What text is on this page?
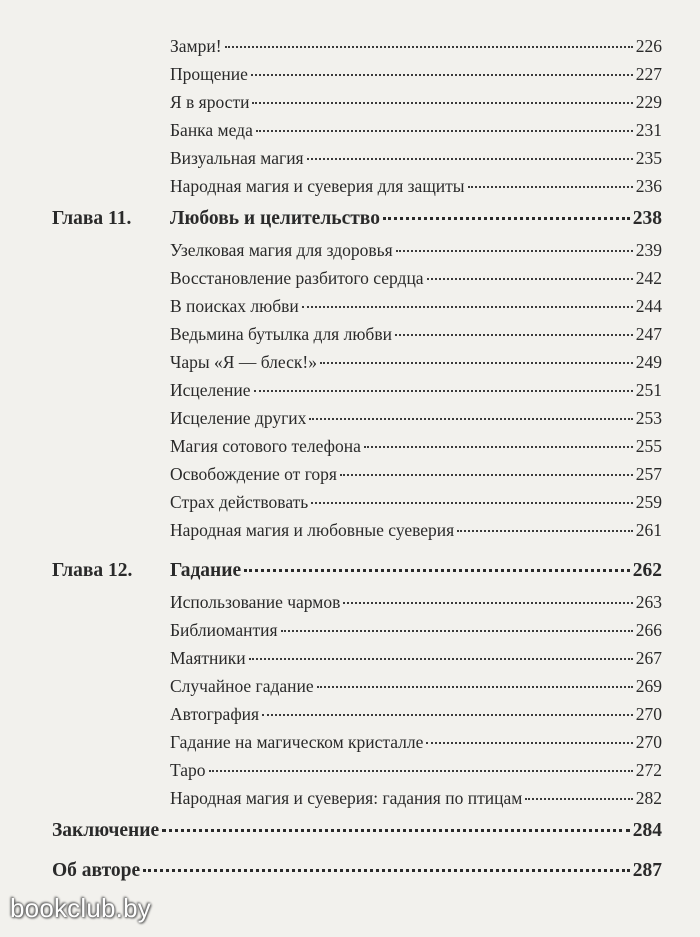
Замри!	226
Прощение	227
Я в ярости	229
Банка меда	231
Визуальная магия	235
Народная магия и суеверия для защиты	236
Глава 11.	Любовь и целительство	238
Узелковая магия для здоровья	239
Восстановление разбитого сердца	242
В поисках любви	244
Ведьмина бутылка для любви	247
Чары «Я — блеск!»	249
Исцеление	251
Исцеление других	253
Магия сотового телефона	255
Освобождение от горя	257
Страх действовать	259
Народная магия и любовные суеверия	261
Глава 12.	Гадание	262
Использование чармов	263
Библиомантия	266
Маятники	267
Случайное гадание	269
Автография	270
Гадание на магическом кристалле	270
Таро	272
Народная магия и суеверия: гадания по птицам	282
Заключение	284
Об авторе	287
bookclub.by
